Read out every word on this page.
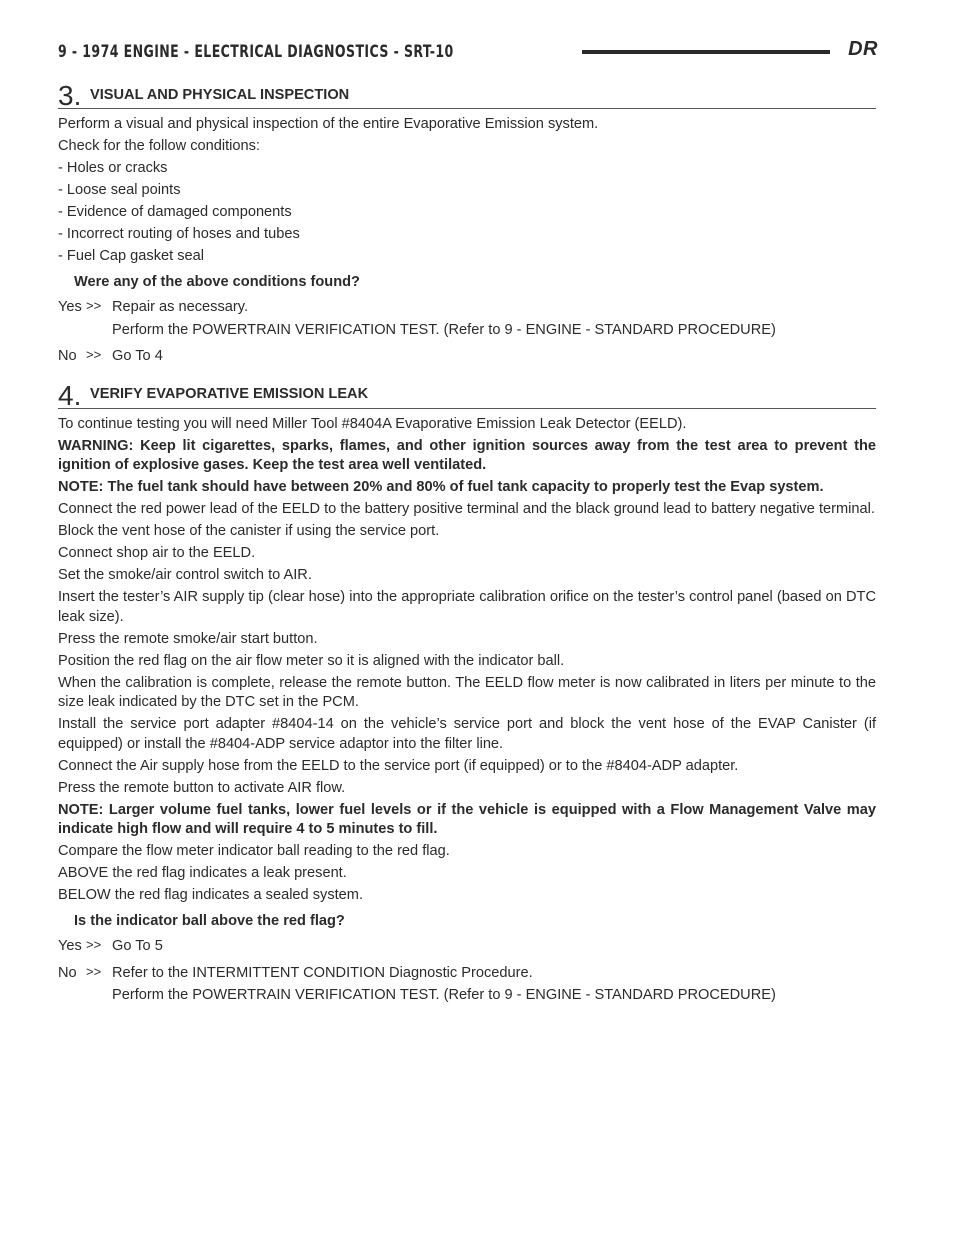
9 - 1974 ENGINE - ELECTRICAL DIAGNOSTICS - SRT-10	DR
3. VISUAL AND PHYSICAL INSPECTION

Perform a visual and physical inspection of the entire Evaporative Emission system.

Check for the follow conditions:

- Holes or cracks

- Loose seal points

- Evidence of damaged components

- Incorrect routing of hoses and tubes

- Fuel Cap gasket seal

Were any of the above conditions found?

Yes >> Repair as necessary.

Perform the POWERTRAIN VERIFICATION TEST. (Refer to 9 - ENGINE - STANDARD PROCEDURE)

No >> Go To 4

4. VERIFY EVAPORATIVE EMISSION LEAK

To continue testing you will need Miller Tool #8404A Evaporative Emission Leak Detector (EELD).

WARNING: Keep lit cigarettes, sparks, flames, and other ignition sources away from the test area to prevent the ignition of explosive gases. Keep the test area well ventilated.

NOTE: The fuel tank should have between 20% and 80% of fuel tank capacity to properly test the Evap system.

Connect the red power lead of the EELD to the battery positive terminal and the black ground lead to battery negative terminal.

Block the vent hose of the canister if using the service port.

Connect shop air to the EELD.

Set the smoke/air control switch to AIR.

Insert the tester’s AIR supply tip (clear hose) into the appropriate calibration orifice on the tester’s control panel (based on DTC leak size).

Press the remote smoke/air start button.

Position the red flag on the air flow meter so it is aligned with the indicator ball.

When the calibration is complete, release the remote button. The EELD flow meter is now calibrated in liters per minute to the size leak indicated by the DTC set in the PCM.

Install the service port adapter #8404-14 on the vehicle’s service port and block the vent hose of the EVAP Canister (if equipped) or install the #8404-ADP service adaptor into the filter line.

Connect the Air supply hose from the EELD to the service port (if equipped) or to the #8404-ADP adapter.

Press the remote button to activate AIR flow.

NOTE: Larger volume fuel tanks, lower fuel levels or if the vehicle is equipped with a Flow Management Valve may indicate high flow and will require 4 to 5 minutes to fill.

Compare the flow meter indicator ball reading to the red flag.

ABOVE the red flag indicates a leak present.

BELOW the red flag indicates a sealed system.

Is the indicator ball above the red flag?

Yes >> Go To 5

No >> Refer to the INTERMITTENT CONDITION Diagnostic Procedure.

Perform the POWERTRAIN VERIFICATION TEST. (Refer to 9 - ENGINE - STANDARD PROCEDURE)
